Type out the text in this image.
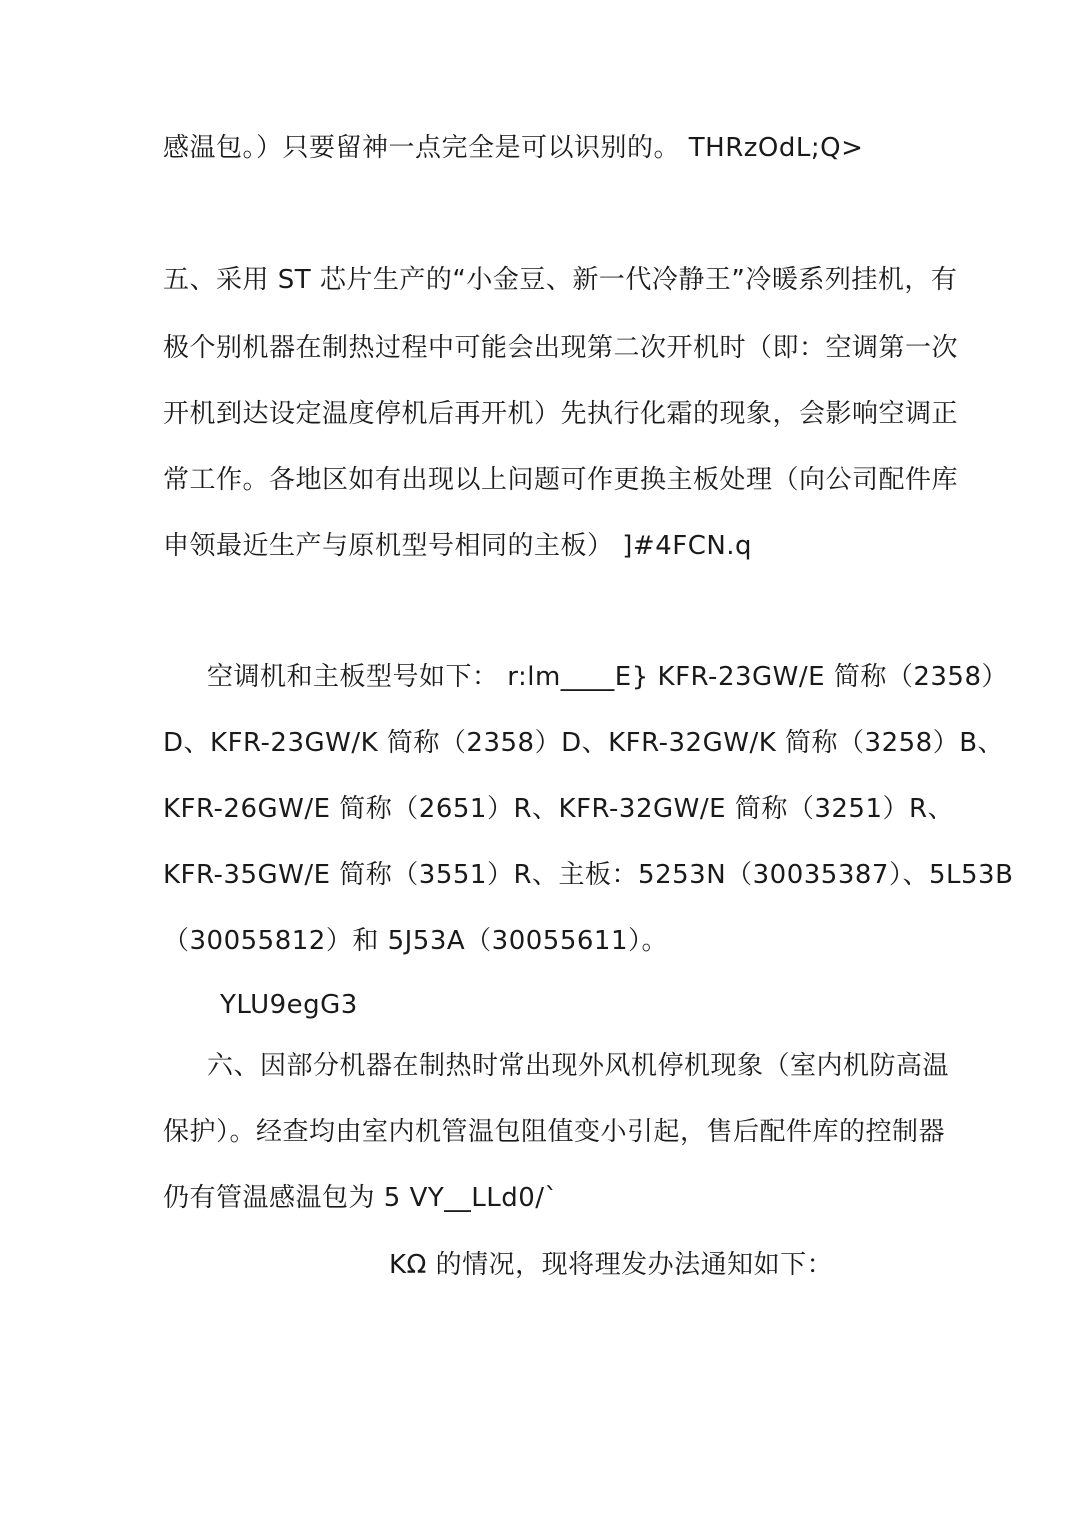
感温包。）只要留神一点完全是可以识别的。 THRzOdL;Q>
五、采用 ST 芯片生产的“小金豆、新一代冷静王”冷暖系列挂机，有
极个别机器在制热过程中可能会出现第二次开机时（即：空调第一次
开机到达设定温度停机后再开机）先执行化霜的现象，会影响空调正
常工作。各地区如有出现以上问题可作更换主板处理（向公司配件库
申领最近生产与原机型号相同的主板） ]#4FCN.q
空调机和主板型号如下： r:lm____E} KFR-23GW/E 简称（2358）
D、KFR-23GW/K 简称（2358）D、KFR-32GW/K 简称（3258）B、
KFR-26GW/E 简称（2651）R、KFR-32GW/E 简称（3251）R、
KFR-35GW/E 简称（3551）R、主板：5253N（30035387）、5L53B
（30055812）和 5J53A（30055611）。
YLU9egG3
六、因部分机器在制热时常出现外风机停机现象（室内机防高温
保护）。经查均由室内机管温包阻值变小引起，售后配件库的控制器
仍有管温感温包为 5 VY__LLd0/`
KΩ 的情况，现将理发办法通知如下：
